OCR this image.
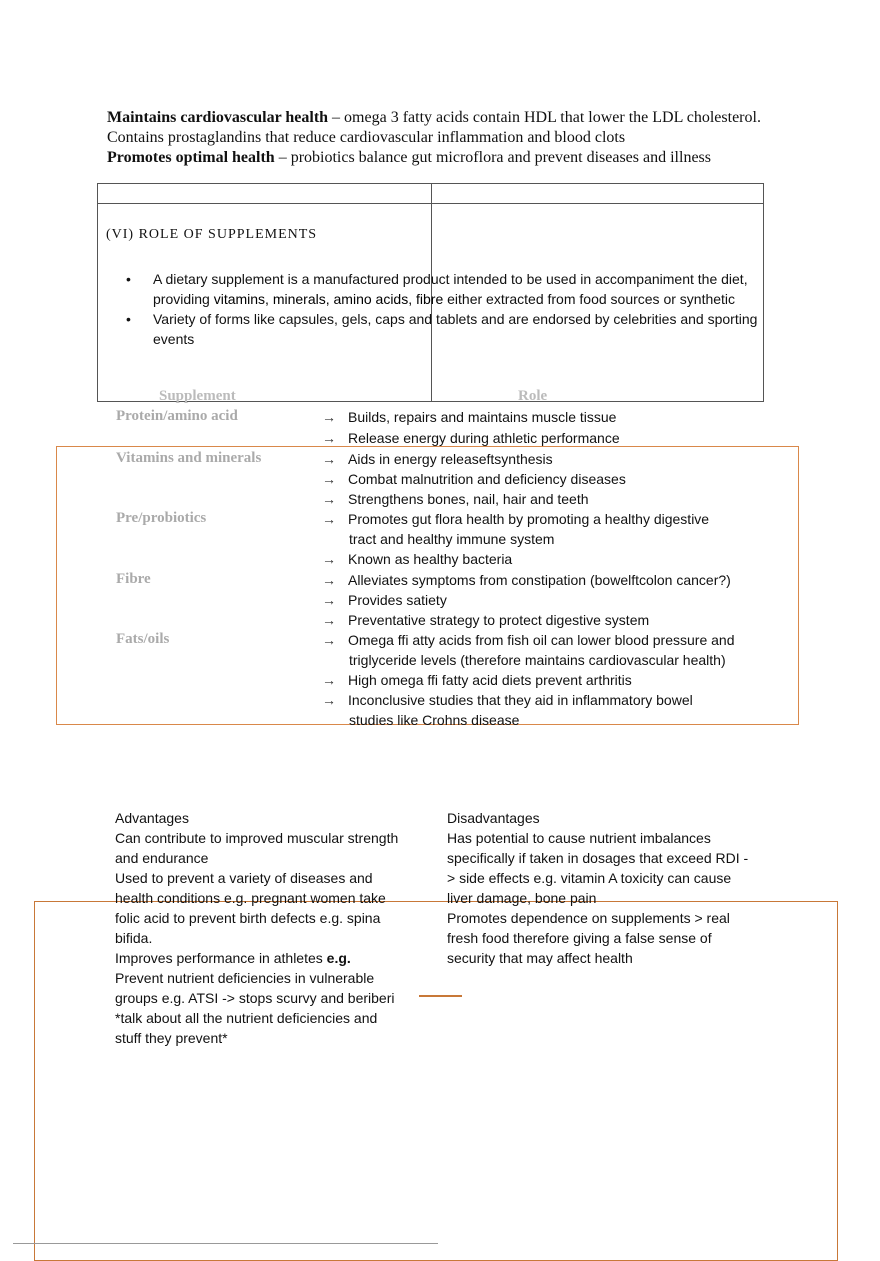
Maintains cardiovascular health – omega 3 fatty acids contain HDL that lower the LDL cholesterol. Contains prostaglandins that reduce cardiovascular inflammation and blood clots

Promotes optimal health – probiotics balance gut microflora and prevent diseases and illness

(VI) ROLE OF SUPPLEMENTS
• A dietary supplement is a manufactured product intended to be used in accompaniment the diet, providing vitamins, minerals, amino acids, fibre either extracted from food sources or synthetic
• Variety of forms like capsules, gels, caps and tablets and are endorsed by celebrities and sporting events
Supplement	Role
Protein/amino acid
Vitamins and minerals
Pre/probiotics
Fibre
Fats/oils
→ Builds, repairs and maintains muscle tissue
→ Release energy during athletic performance
→ Aids in energy releaseftsynthesis
→ Combat malnutrition and deficiency diseases
→ Strengthens bones, nail, hair and teeth
→ Promotes gut flora health by promoting a healthy digestive
tract and healthy immune system
→ Known as healthy bacteria
→ Alleviates symptoms from constipation (bowelftcolon cancer?)
→ Provides satiety
→ Preventative strategy to protect digestive system
→ Omega ffi atty acids from fish oil can lower blood pressure and
triglyceride levels (therefore maintains cardiovascular health)
→ High omega ffi fatty acid diets prevent arthritis
→ Inconclusive studies that they aid in inflammatory bowel
studies like Crohns disease
Advantages
Can contribute to improved muscular strength
and endurance
Used to prevent a variety of diseases and
health conditions e.g. pregnant women take
folic acid to prevent birth defects e.g. spina
bifida.
Improves performance in athletes e.g.
Prevent nutrient deficiencies in vulnerable
groups e.g. ATSI -> stops scurvy and beriberi
*talk about all the nutrient deficiencies and
stuff they prevent*
Disadvantages
Has potential to cause nutrient imbalances
specifically if taken in dosages that exceed RDI -
> side effects e.g. vitamin A toxicity can cause
liver damage, bone pain
Promotes dependence on supplements > real
fresh food therefore giving a false sense of
security that may affect health
